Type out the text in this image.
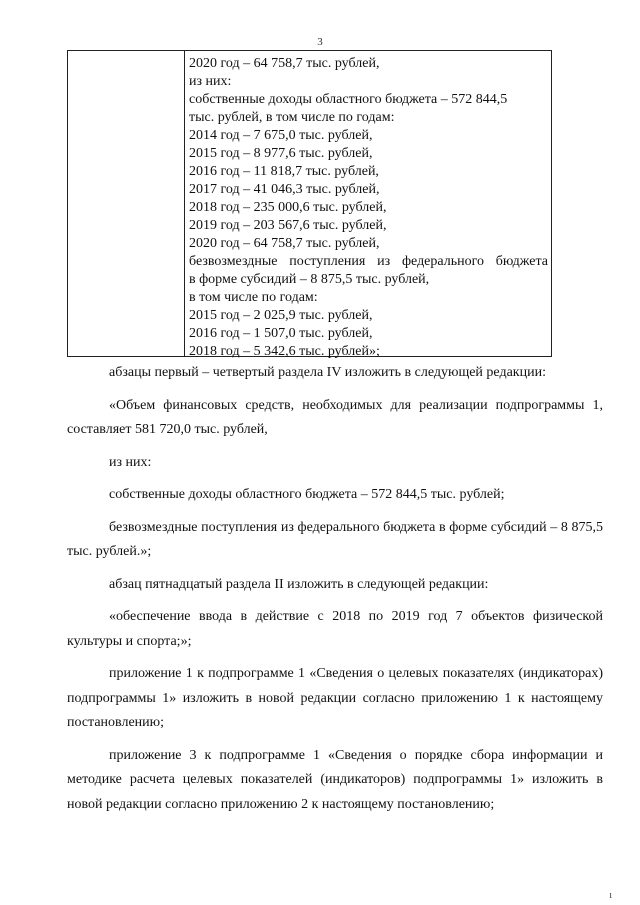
3
2020 год – 64 758,7 тыс. рублей,
из них:
собственные доходы областного бюджета – 572 844,5
тыс. рублей, в том числе по годам:
2014 год – 7 675,0 тыс. рублей,
2015 год – 8 977,6 тыс. рублей,
2016 год – 11 818,7 тыс. рублей,
2017 год – 41 046,3 тыс. рублей,
2018 год – 235 000,6 тыс. рублей,
2019 год – 203 567,6 тыс. рублей,
2020 год – 64 758,7 тыс. рублей,
безвозмездные поступления из федерального бюджета
в форме субсидий – 8 875,5 тыс. рублей,
в том числе по годам:
2015 год – 2 025,9 тыс. рублей,
2016 год – 1 507,0 тыс. рублей,
2018 год – 5 342,6 тыс. рублей»;

абзацы первый – четвертый раздела IV изложить в следующей редакции:

«Объем финансовых средств, необходимых для реализации подпрограммы 1, составляет 581 720,0 тыс. рублей,

из них:

собственные доходы областного бюджета – 572 844,5 тыс. рублей;

безвозмездные поступления из федерального бюджета в форме субсидий – 8 875,5 тыс. рублей.»;

абзац пятнадцатый раздела II изложить в следующей редакции:

«обеспечение ввода в действие с 2018 по 2019 год 7 объектов физической культуры и спорта;»;

приложение 1 к подпрограмме 1 «Сведения о целевых показателях (индикаторах) подпрограммы 1» изложить в новой редакции согласно приложению 1 к настоящему постановлению;

приложение 3 к подпрограмме 1 «Сведения о порядке сбора информации и методике расчета целевых показателей (индикаторов) подпрограммы 1» изложить в новой редакции согласно приложению 2 к настоящему постановлению;

ı
